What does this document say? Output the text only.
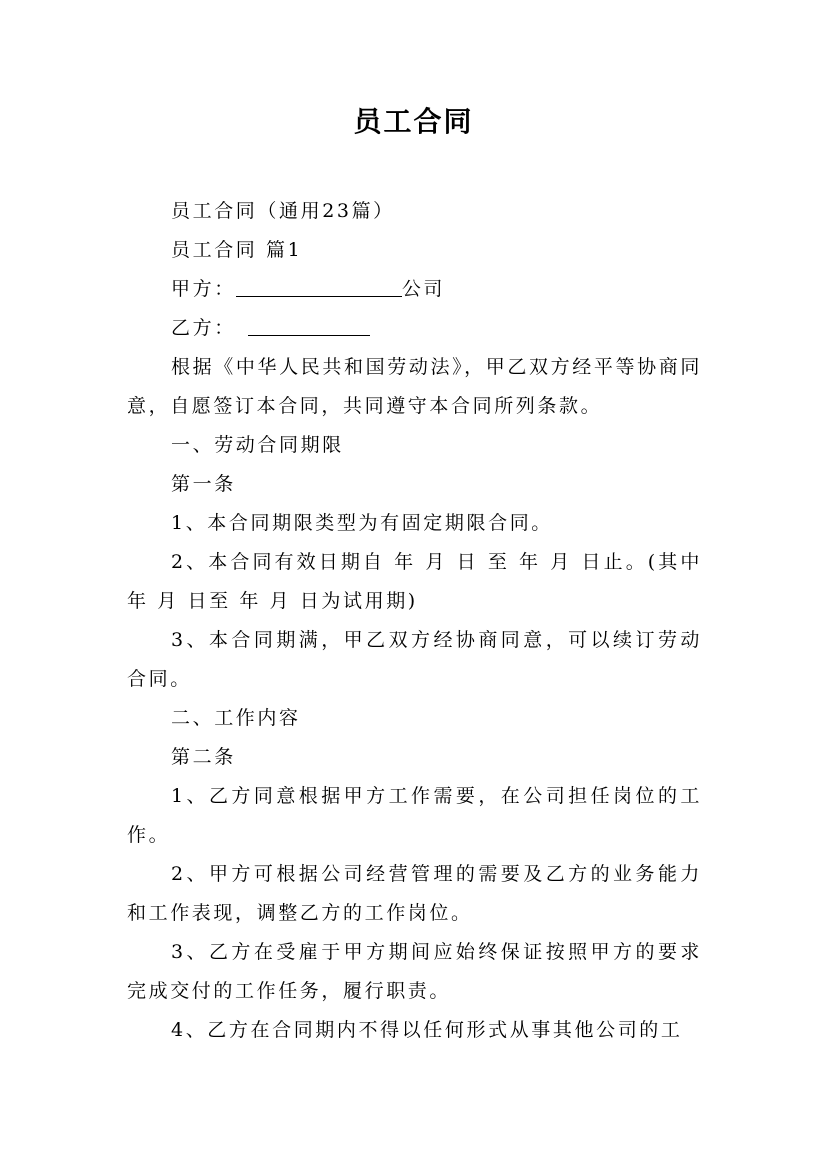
员工合同

员工合同（通用23篇）

员工合同 篇1

甲方：	公司

乙方：

根据《中华人民共和国劳动法》，甲乙双方经平等协商同意，自愿签订本合同，共同遵守本合同所列条款。

一、劳动合同期限

第一条

1、本合同期限类型为有固定期限合同。

2、本合同有效日期自 年 月 日 至 年 月 日止。(其中 年 月 日至 年 月 日为试用期)

3、本合同期满，甲乙双方经协商同意，可以续订劳动合同。

二、工作内容

第二条

1、乙方同意根据甲方工作需要，在公司担任岗位的工作。

2、甲方可根据公司经营管理的需要及乙方的业务能力和工作表现，调整乙方的工作岗位。

3、乙方在受雇于甲方期间应始终保证按照甲方的要求完成交付的工作任务，履行职责。

4、乙方在合同期内不得以任何形式从事其他公司的工
